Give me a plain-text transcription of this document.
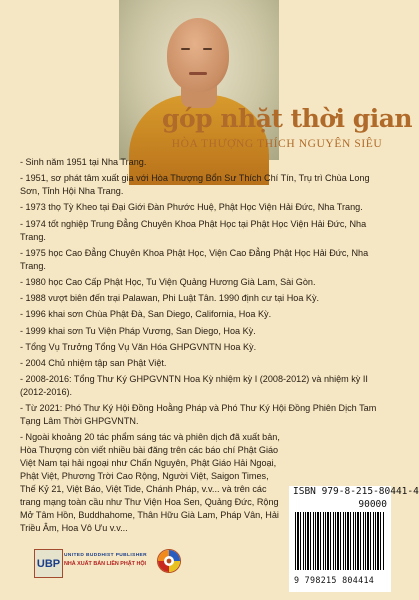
góp nhặt thời gian
HÒA THƯỢNG THÍCH NGUYÊN SIÊU
- Sinh năm 1951 tại Nha Trang.
- 1951, sơ phát tâm xuất gia với Hòa Thượng Bổn Sư Thích Chí Tín, Trụ trì Chùa Long Sơn, Tỉnh Hội Nha Trang.
- 1973 thọ Tỳ Kheo tại Đại Giới Đàn Phước Huệ, Phật Học Viện Hải Đức, Nha Trang.
- 1974 tốt nghiệp Trung Đẳng Chuyên Khoa Phật Học tại Phật Học Viện Hải Đức, Nha Trang.
- 1975 học Cao Đẳng Chuyên Khoa Phật Học, Viện Cao Đẳng Phật Học Hải Đức, Nha Trang.
- 1980 học Cao Cấp Phật Học, Tu Viện Quảng Hương Già Lam, Sài Gòn.
- 1988 vượt biên đến trại Palawan, Phi Luật Tân. 1990 định cư tại Hoa Kỳ.
- 1996 khai sơn Chùa Phật Đà, San Diego, California, Hoa Kỳ.
- 1999 khai sơn Tu Viện Pháp Vương, San Diego, Hoa Kỳ.
- Tổng Vụ Trưởng Tổng Vụ Văn Hóa GHPGVNTN Hoa Kỳ.
- 2004 Chủ nhiệm tập san Phật Việt.
- 2008-2016: Tổng Thư Ký GHPGVNTN Hoa Kỳ nhiệm kỳ I (2008-2012) và nhiệm kỳ II (2012-2016).
- Từ 2021: Phó Thư Ký Hội Đồng Hoằng Pháp và Phó Thư Ký Hội Đồng Phiên Dịch Tam Tạng Lâm Thời GHPGVNTN.
- Ngoài khoảng 20 tác phẩm sáng tác và phiên dịch đã xuất bản, Hòa Thượng còn viết nhiều bài đăng trên các báo chí Phật Giáo Việt Nam tại hải ngoại như Chấn Nguyên, Phật Giáo Hải Ngoại, Phật Việt, Phương Trời Cao Rộng, Người Việt, Saigon Times, Thế Kỷ 21, Việt Báo, Việt Tide, Chánh Pháp, v.v... và trên các trang mạng toàn cầu như Thư Viện Hoa Sen, Quảng Đức, Rộng Mở Tâm Hồn, Buddhahome, Thân Hữu Già Lam, Pháp Vân, Hải Triều Âm, Hoa Vô Ưu v.v...
ISBN 979-8-215-80441-4
90000
9 798215 804414
UBP
UNITED BUDDHIST PUBLISHER
NHÀ XUẤT BẢN LIÊN PHẬT HỘI
